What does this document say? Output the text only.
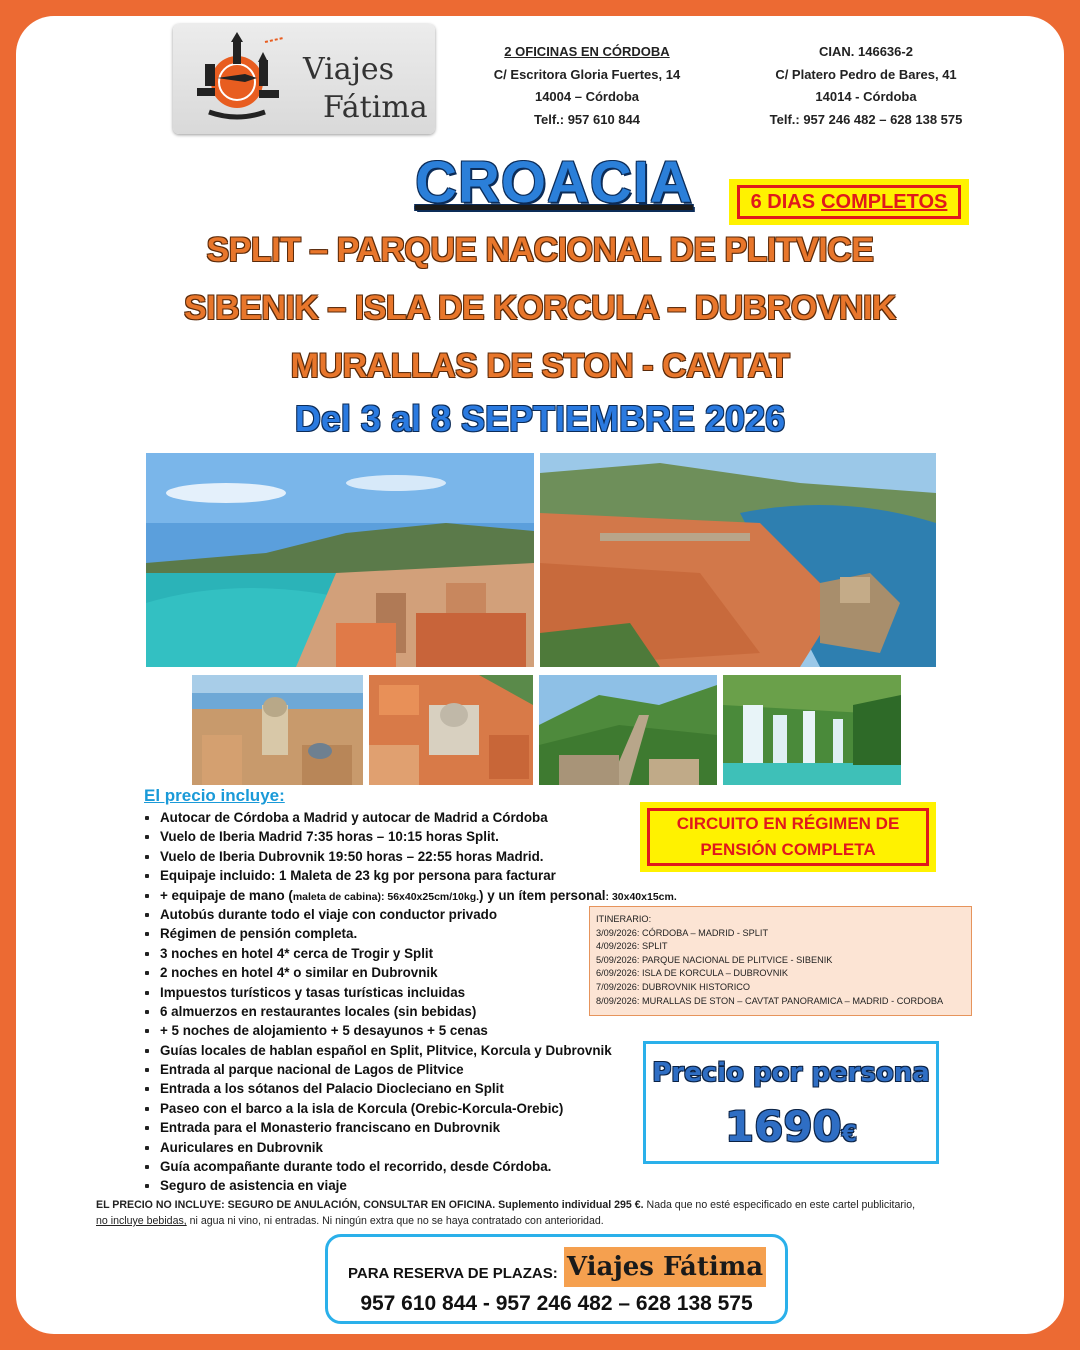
Viajes
Fátima
2 OFICINAS EN CÓRDOBA
C/ Escritora Gloria Fuertes, 14
14004 – Córdoba
Telf.: 957 610 844
CIAN. 146636-2
C/ Platero Pedro de Bares, 41
14014 - Córdoba
Telf.: 957 246 482 – 628 138 575
CROACIA	6 DIAS COMPLETOS
SPLIT – PARQUE NACIONAL DE PLITVICE
SIBENIK – ISLA DE KORCULA – DUBROVNIK
MURALLAS DE STON - CAVTAT
Del 3 al 8 SEPTIEMBRE 2026
El precio incluye:
Autocar de Córdoba a Madrid y autocar de Madrid a Córdoba
Vuelo de Iberia Madrid 7:35 horas – 10:15 horas Split.
Vuelo de Iberia Dubrovnik 19:50 horas – 22:55 horas Madrid.
Equipaje incluido: 1 Maleta de 23 kg por persona para facturar
+ equipaje de mano (maleta de cabina): 56x40x25cm/10kg.) y un ítem personal: 30x40x15cm.
Autobús durante todo el viaje con conductor privado
Régimen de pensión completa.
3 noches en hotel 4* cerca de Trogir y Split
2 noches en hotel 4* o similar en Dubrovnik
Impuestos turísticos y tasas turísticas incluidas
6 almuerzos en restaurantes locales (sin bebidas)
+ 5 noches de alojamiento + 5 desayunos + 5 cenas
Guías locales de hablan español en Split, Plitvice, Korcula y Dubrovnik
Entrada al parque nacional de Lagos de Plitvice
Entrada a los sótanos del Palacio Diocleciano en Split
Paseo con el barco a la isla de Korcula (Orebic-Korcula-Orebic)
Entrada para el Monasterio franciscano en Dubrovnik
Auriculares en Dubrovnik
Guía acompañante durante todo el recorrido, desde Córdoba.
Seguro de asistencia en viaje
CIRCUITO EN RÉGIMEN DE
PENSIÓN COMPLETA
ITINERARIO:
3/09/2026: CÓRDOBA – MADRID - SPLIT
4/09/2026: SPLIT
5/09/2026: PARQUE NACIONAL DE PLITVICE - SIBENIK
6/09/2026: ISLA DE KORCULA – DUBROVNIK
7/09/2026: DUBROVNIK HISTORICO
8/09/2026: MURALLAS DE STON – CAVTAT PANORAMICA – MADRID - CORDOBA
Precio por persona
1690€
EL PRECIO NO INCLUYE: SEGURO DE ANULACIÓN, CONSULTAR EN OFICINA. Suplemento individual 295 €. Nada que no esté especificado en este cartel publicitario,
no incluye bebidas, ni agua ni vino, ni entradas. Ni ningún extra que no se haya contratado con anterioridad.
PARA RESERVA DE PLAZAS: Viajes Fátima
957 610 844 - 957 246 482 – 628 138 575
